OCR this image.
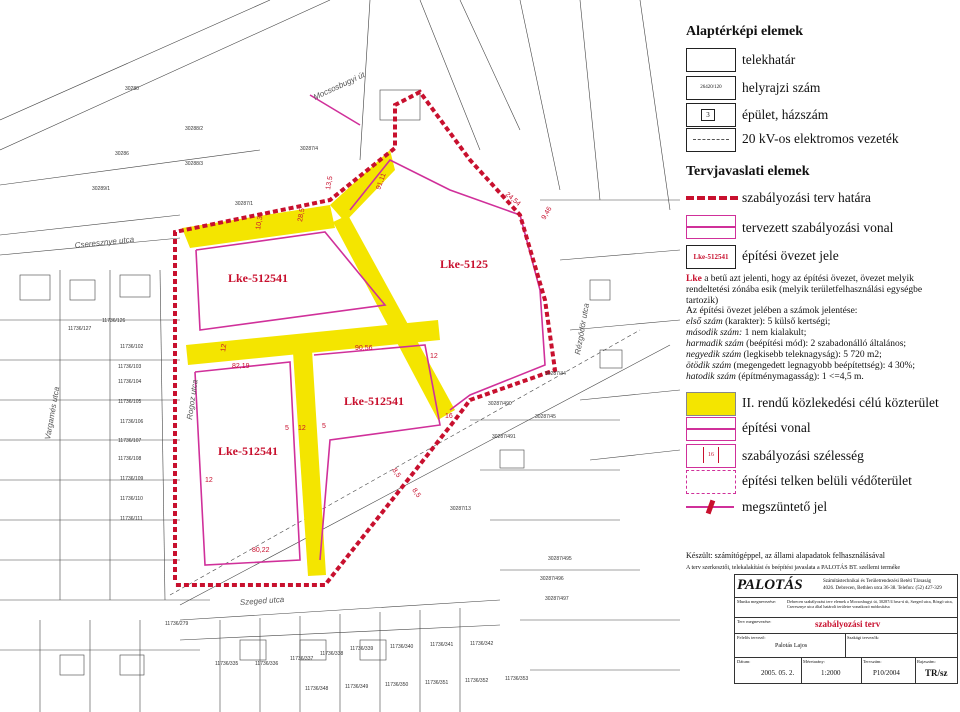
Lke-512541
Lke-512541
Lke-512541
Lke-5125
Cseresznye utca
Szeged utca
Rézgödör utca
Vargamés utca	Rogoz utca
Mocsosbugyi út
91,11
24,54
28,5
13,5
10,36	9,46
12
82,19
90,56
12
16
80,22
8,5
8,5
5	5
12
12
30287/4
30287/1
30288/2
30288/3
30289/1
30280
30286
11736/127
11736/126
11736/102
11736/103
11736/104
11736/105
11736/106
11736/107
11736/108
11736/109
11736/110
11736/111
30287/44
30287/45
30287/490
30287/491
30287/13
30287/495
30287/496
30287/497
11736/279
11736/335	11736/336
11736/337
11736/338
11736/339	11736/340	11736/341	11736/342
11736/348	11736/349	11736/350	11736/351	11736/352	11736/353
Alaptérképi elemek
telekhatár
26420/120	helyrajzi szám
3	épület, házszám
20 kV-os elektromos vezeték
Tervjavaslati elemek
szabályozási terv határa
tervezett szabályozási vonal
Lke-512541	építési övezet jele
Lke a betű azt jelenti, hogy az építési övezet, övezet melyik rendeltetési zónába esik (melyik területfelhasználási egységbe tartozik)
Az építési övezet jelében a számok jelentése:
első szám (karakter): 5 külső kertségi;
második szám: 1 nem kialakult;
harmadik szám (beépítési mód): 2 szabadonálló általános;
negyedik szám (legkisebb teleknagyság): 5 720 m2;
ötödik szám (megengedett legnagyobb beépítettség): 4 30%;
hatodik szám (építménymagasság): 1 <=4,5 m.
II. rendű közlekedési célú közterület
építési vonal
16	szabályozási szélesség
építési telken belüli védőterület
megszüntető jel
Készült: számítógéppel, az állami alapadatok felhasználásával
A terv szerkesztői, telekalakítási és beépítési javaslata a PALOTÁS BT. szellemi terméke
PALOTÁS	Számítástechnikai és Területrendezési Betéti Társaság
4026. Debrecen, Bethlen utca 36-38. Telefon: (52) 427-329
Munka megnevezése:	Debrecen szabályozási terv elemek a Mocsosbugyi út, 30287/4 hrsz-ú út, Szeged utca, Rózgó utca, Cseresznye utca által határolt területre vonatkozó módosítása
Terv megnevezése:	szabályozási terv
Felelős tervező:
Palotás Lajos
Szakági tervezők:
Dátum:
2005. 05. 2.
Méretarány:
1:2000
Tervszám:
P10/2004
Rajzszám:
TR/sz
